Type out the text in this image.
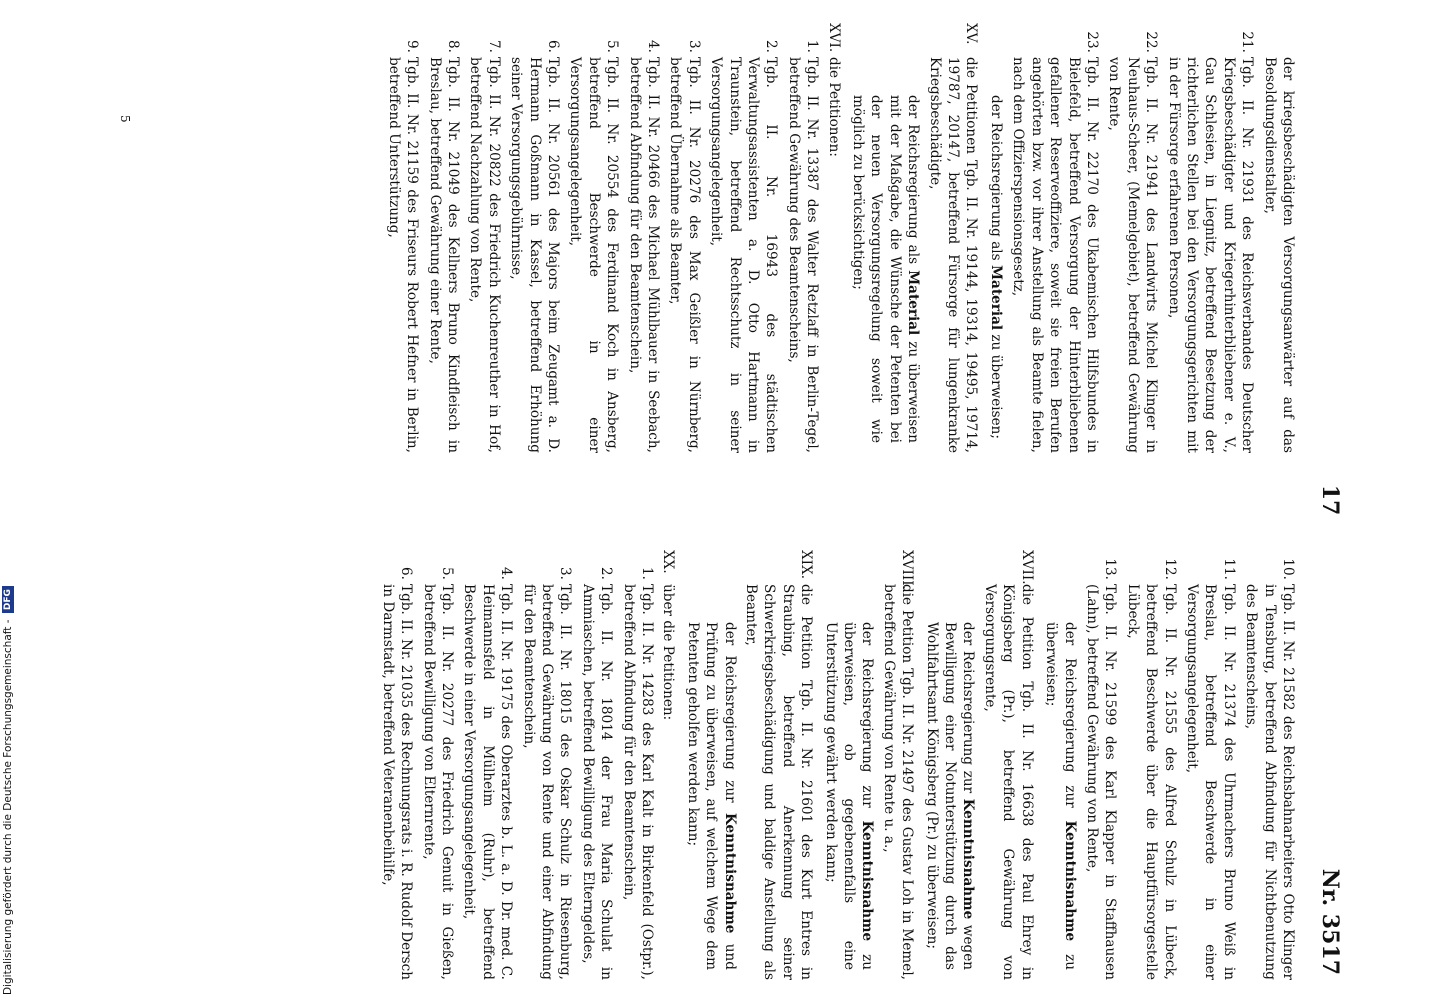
17
Nr. 3517
der kriegsbeschädigten Versorgungsanwärter auf das Besoldungsdienstalter,
21.
Tgb. II. Nr. 21931 des Reichsverbandes Deutscher Kriegsbeschädigter und Kriegerhinterbliebener e. V., Gau Schlesien, in Liegnitz, betreffend Besetzung der richterlichen Stellen bei den Versorgungsgerichten mit in der Fürsorge erfahrenen Personen,
22.
Tgb. II. Nr. 21941 des Landwirts Michel Klinger in Neuhaus-Scheer, (Memelgebiet), betreffend Gewährung von Rente,
23.
Tgb. II. Nr. 22170 des Ukabemischen Hilfsbundes in Bielefeld, betreffend Versorgung der Hinterbliebenen gefallener Reserveoffiziere, soweit sie freien Berufen angehörten bzw. vor ihrer Anstellung als Beamte fielen, nach dem Offizierspensionsgesetz,
der Reichsregierung als Material zu überweisen;
XV.
die Petitionen Tgb. II. Nr. 19144, 19314, 19495, 19714, 19787, 20147, betreffend Fürsorge für lungenkranke Kriegsbeschädigte,
der Reichsregierung als Material zu überweisen mit der Maßgabe, die Wünsche der Petenten bei der neuen Versorgungsregelung soweit wie möglich zu berücksichtigen;
XVI.
die Petitionen:
1.
Tgb. II. Nr. 13387 des Walter Retzlaff in Berlin-Tegel, betreffend Gewährung des Beamtenscheins,
2.
Tgb. II. Nr. 16943 des städtischen Verwaltungsassistenten a. D. Otto Hartmann in Traunstein, betreffend Rechtsschutz in seiner Versorgungsangelegenheit,
3.
Tgb. II. Nr. 20276 des Max Geißler in Nürnberg, betreffend Übernahme als Beamter,
4.
Tgb. II. Nr. 20466 des Michael Mühlbauer in Seebach, betreffend Abfindung für den Beamtenschein,
5.
Tgb. II. Nr. 20554 des Ferdinand Koch in Ansberg, betreffend Beschwerde in einer Versorgungsangelegenheit,
6.
Tgb. II. Nr. 20561 des Majors beim Zeugamt a. D. Hermann Goßmann in Kassel, betreffend Erhöhung seiner Versorgungsgebührnisse,
7.
Tgb. II. Nr. 20822 des Friedrich Kuchenreuther in Hof, betreffend Nachzahlung von Rente,
8.
Tgb. II. Nr. 21049 des Kellners Bruno Kindfleisch in Breslau, betreffend Gewährung einer Rente,
9.
Tgb. II. Nr. 21159 des Friseurs Robert Hefner in Berlin, betreffend Unterstützung,
10.
Tgb. II. Nr. 21582 des Reichsbahnarbeiters Otto Klinger in Tensburg, betreffend Abfindung für Nichtbenutzung des Beamtenscheins,
11.
Tgb. II. Nr. 21374 des Uhrmachers Bruno Weiß in Breslau, betreffend Beschwerde in einer Versorgungsangelegenheit,
12.
Tgb. II. Nr. 21555 des Alfred Schulz in Lübeck, betreffend Beschwerde über die Hauptfürsorgestelle Lübeck,
13.
Tgb. II. Nr. 21599 des Karl Klapper in Staffhausen (Lahn), betreffend Gewährung von Rente,
der Reichsregierung zur Kenntnisnahme zu überweisen;
XVII.
die Petition Tgb. II. Nr. 16638 des Paul Ehrey in Königsberg (Pr.), betreffend Gewährung von Versorgungsrente,
der Reichsregierung zur Kenntnisnahme wegen Bewilligung einer Notunterstützung durch das Wohlfahrtsamt Königsberg (Pr.) zu überweisen;
XVIII.
die Petition Tgb. II. Nr. 21497 des Gustav Loh in Memel, betreffend Gewährung von Rente u. a.,
der Reichsregierung zur Kenntnisnahme zu überweisen, ob gegebenenfalls eine Unterstützung gewährt werden kann;
XIX.
die Petition Tgb. II. Nr. 21601 des Kurt Entres in Straubing, betreffend Anerkennung seiner Schwerkriegsbeschädigung und baldige Anstellung als Beamter,
der Reichsregierung zur Kenntnisnahme und Prüfung zu überweisen, auf welchem Wege dem Petenten geholfen werden kann;
XX.
über die Petitionen:
1.
Tgb. II. Nr. 14283 des Karl Kalt in Birkenfeld (Ostpr.), betreffend Abfindung für den Beamtenschein,
2.
Tgb. II. Nr. 18014 der Frau Maria Schulat in Ammiaschen, betreffend Bewilligung des Elterngeldes,
3.
Tgb. II. Nr. 18015 des Oskar Schulz in Riesenburg, betreffend Gewährung von Rente und einer Abfindung für den Beamtenschein,
4.
Tgb. II. Nr. 19175 des Oberarztes b. L. a. D. Dr. med. C. Heimannsfeld in Mülheim (Ruhr), betreffend Beschwerde in einer Versorgungsangelegenheit,
5.
Tgb. II. Nr. 20277 des Friedrich Genuit in Gießen, betreffend Bewilligung von Elternrente,
6.
Tgb. II. Nr. 21035 des Rechnungsrats i. R. Rudolf Dersch in Darmstadt, betreffend Veteranenbeihilfe,
5
Digitalisierung gefördert durch die Deutsche Forschungsgemeinschaft - DFG
